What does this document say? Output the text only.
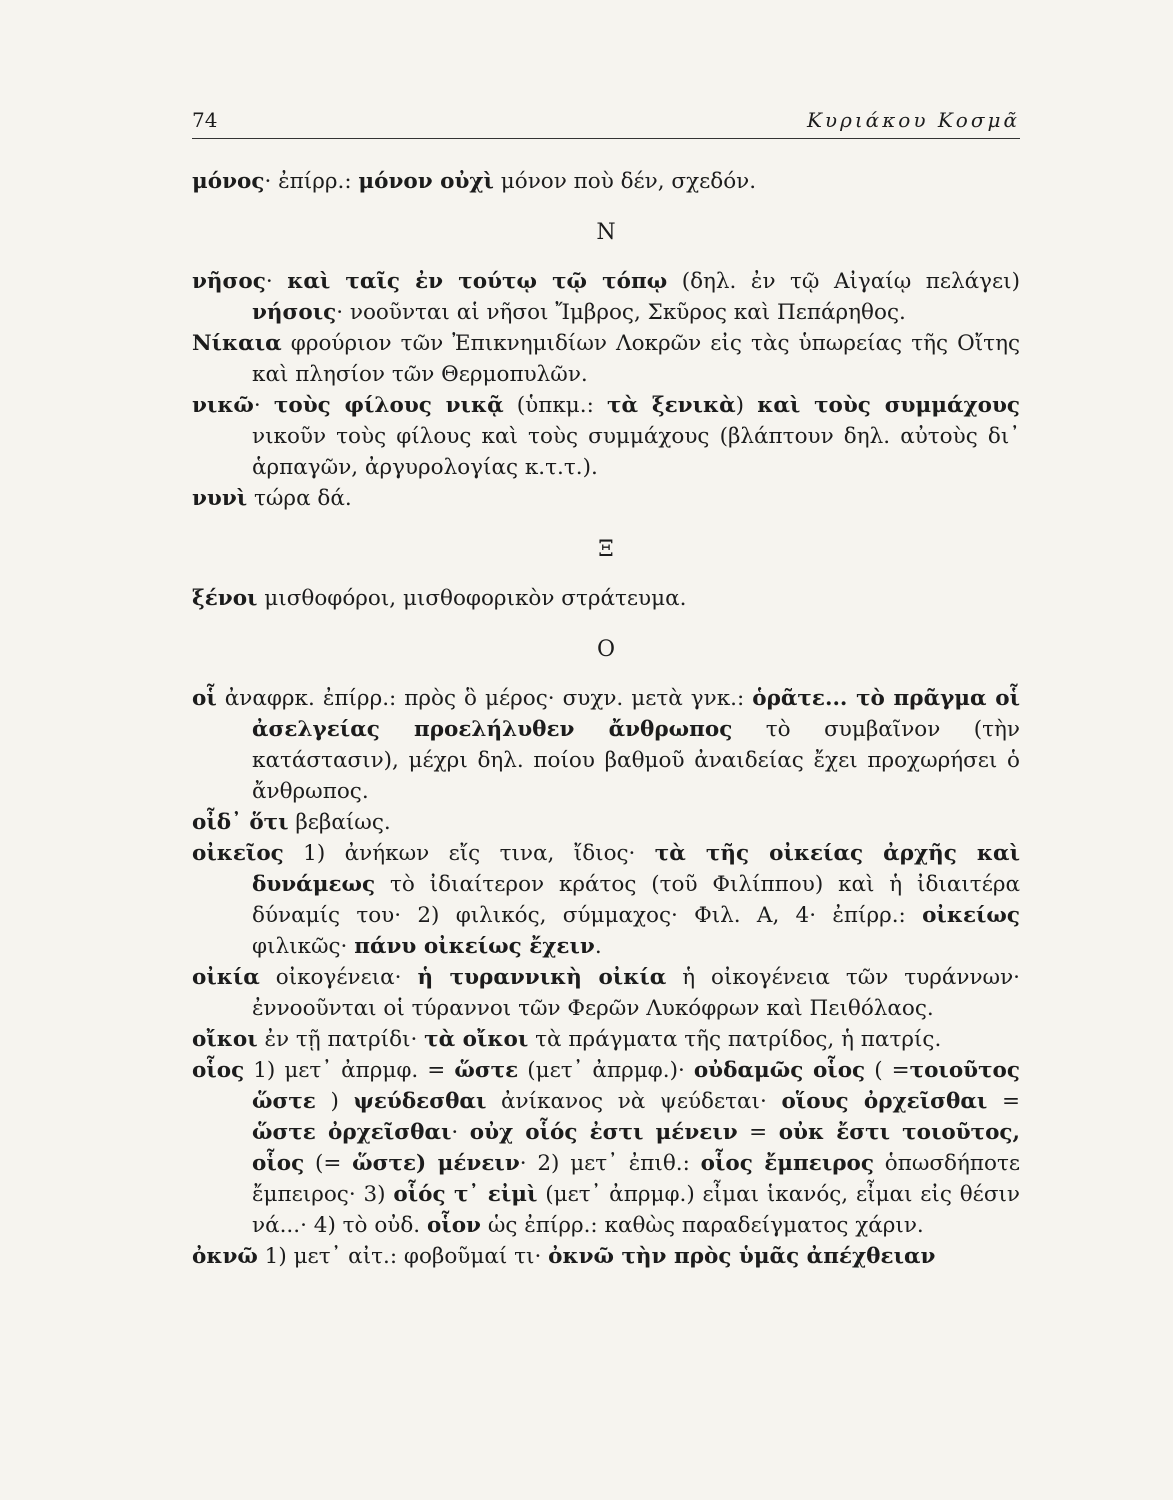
74	Κυριάκου Κοσμᾶ

μόνος· ἐπίρρ.: μόνον οὐχὶ μόνον ποὺ δέν, σχεδόν.

Ν

νῆσος· καὶ ταῖς ἐν τούτῳ τῷ τόπῳ (δηλ. ἐν τῷ Αἰγαίῳ πελάγει) νήσοις· νοοῦνται αἱ νῆσοι Ἴμβρος, Σκῦρος καὶ Πεπάρηθος.

Νίκαια φρούριον τῶν Ἐπικνημιδίων Λοκρῶν εἰς τὰς ὑπωρείας τῆς Οἴτης καὶ πλησίον τῶν Θερμοπυλῶν.

νικῶ· τοὺς φίλους νικᾷ (ὑπκμ.: τὰ ξενικὰ) καὶ τοὺς συμμάχους νικοῦν τοὺς φίλους καὶ τοὺς συμμάχους (βλάπτουν δηλ. αὐτοὺς δι᾽ ἁρπαγῶν, ἀργυρολογίας κ.τ.τ.).

νυνὶ τώρα δά.

Ξ

ξένοι μισθοφόροι, μισθοφορικὸν στράτευμα.

Ο

οἷ ἀναφρκ. ἐπίρρ.: πρὸς ὃ μέρος· συχν. μετὰ γνκ.: ὁρᾶτε... τὸ πρᾶγμα οἷ ἀσελγείας προελήλυθεν ἄνθρωπος τὸ συμβαῖνον (τὴν κατάστασιν), μέχρι δηλ. ποίου βαθμοῦ ἀναιδείας ἔχει προχωρήσει ὁ ἄνθρωπος.

οἶδ᾽ ὅτι βεβαίως.

οἰκεῖος 1) ἀνήκων εἴς τινα, ἴδιος· τὰ τῆς οἰκείας ἀρχῆς καὶ δυνάμεως τὸ ἰδιαίτερον κράτος (τοῦ Φιλίππου) καὶ ἡ ἰδιαιτέρα δύναμίς του· 2) φιλικός, σύμμαχος· Φιλ. Α, 4· ἐπίρρ.: οἰκείως φιλικῶς· πάνυ οἰκείως ἔχειν.

οἰκία οἰκογένεια· ἡ τυραννικὴ οἰκία ἡ οἰκογένεια τῶν τυράννων· ἐννοοῦνται οἱ τύραννοι τῶν Φερῶν Λυκόφρων καὶ Πειθόλαος.

οἴκοι ἐν τῇ πατρίδι· τὰ οἴκοι τὰ πράγματα τῆς πατρίδος, ἡ πατρίς.

οἷος 1) μετ᾽ ἀπρμφ. = ὥστε (μετ᾽ ἀπρμφ.)· οὐδαμῶς οἷος ( =τοιοῦτος ὥστε ) ψεύδεσθαι ἀνίκανος νὰ ψεύδεται· οἵους ὀρχεῖσθαι = ὥστε ὀρχεῖσθαι· οὐχ οἷός ἐστι μένειν = οὐκ ἔστι τοιοῦτος, οἷος (= ὥστε) μένειν· 2) μετ᾽ ἐπιθ.: οἷος ἔμπειρος ὁπωσδήποτε ἔμπειρος· 3) οἷός τ᾽ εἰμὶ (μετ᾽ ἀπρμφ.) εἶμαι ἱκανός, εἶμαι εἰς θέσιν νά...· 4) τὸ οὐδ. οἷον ὡς ἐπίρρ.: καθὼς παραδείγματος χάριν.

ὀκνῶ 1) μετ᾽ αἰτ.: φοβοῦμαί τι· ὀκνῶ τὴν πρὸς ὑμᾶς ἀπέχθειαν
